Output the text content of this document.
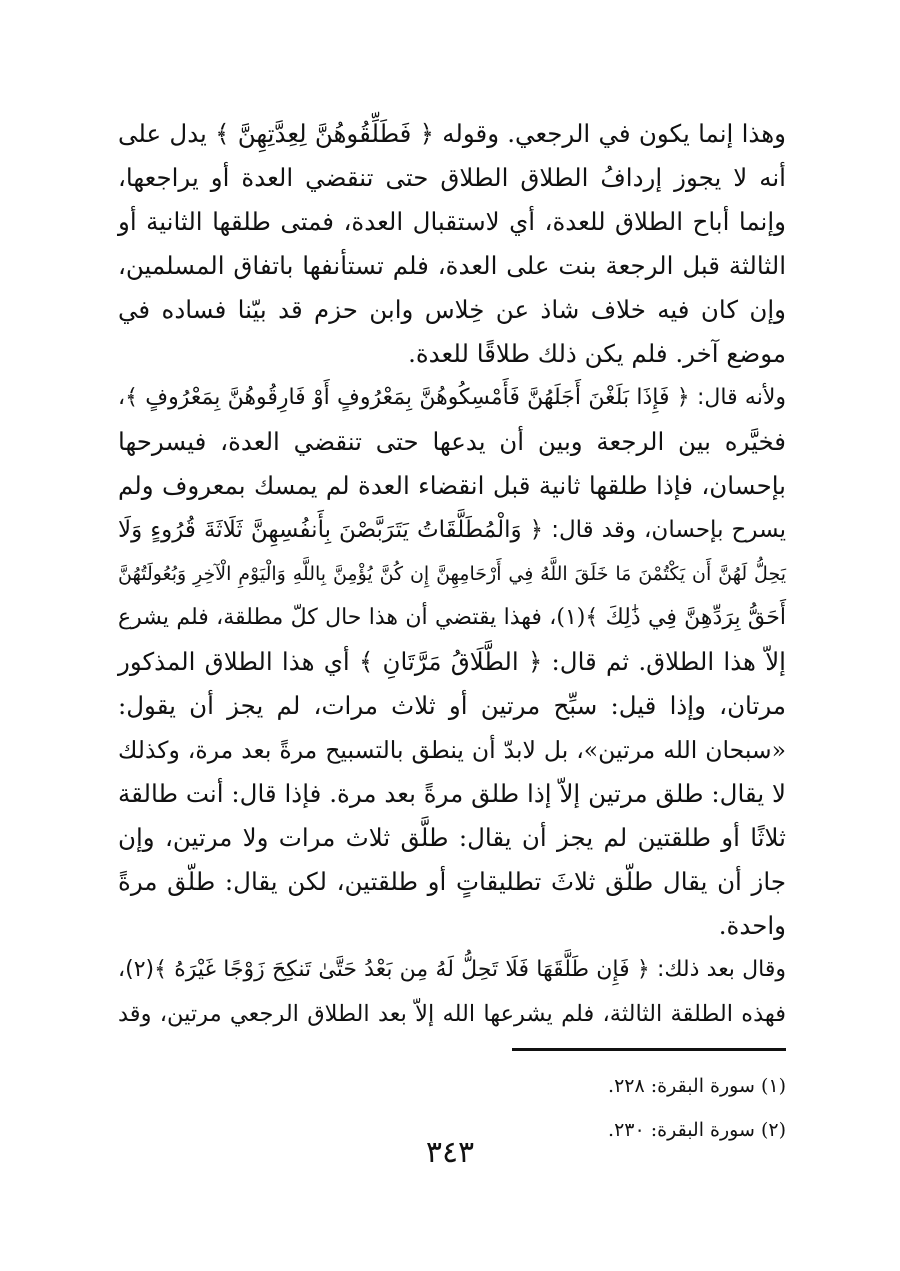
وهذا إنما يكون في الرجعي. وقوله ﴿ فَطَلِّقُوهُنَّ لِعِدَّتِهِنَّ ﴾ يدل على
أنه لا يجوز إردافُ الطلاق الطلاق حتى تنقضي العدة أو يراجعها،
وإنما أباح الطلاق للعدة، أي لاستقبال العدة، فمتى طلقها الثانية أو
الثالثة قبل الرجعة بنت على العدة، فلم تستأنفها باتفاق المسلمين،
وإن كان فيه خلاف شاذ عن خِلاس وابن حزم قد بيّنا فساده في
موضع آخر. فلم يكن ذلك طلاقًا للعدة.
ولأنه قال: ﴿ فَإِذَا بَلَغْنَ أَجَلَهُنَّ فَأَمْسِكُوهُنَّ بِمَعْرُوفٍ أَوْ فَارِقُوهُنَّ بِمَعْرُوفٍ ﴾،
فخيَّره بين الرجعة وبين أن يدعها حتى تنقضي العدة، فيسرحها
بإحسان، فإذا طلقها ثانية قبل انقضاء العدة لم يمسك بمعروف ولم
يسرح بإحسان، وقد قال: ﴿ وَالْمُطَلَّقَاتُ يَتَرَبَّصْنَ بِأَنفُسِهِنَّ ثَلَاثَةَ قُرُوءٍ وَلَا
يَحِلُّ لَهُنَّ أَن يَكْتُمْنَ مَا خَلَقَ اللَّهُ فِي أَرْحَامِهِنَّ إِن كُنَّ يُؤْمِنَّ بِاللَّهِ وَالْيَوْمِ الْآخِرِ وَبُعُولَتُهُنَّ
أَحَقُّ بِرَدِّهِنَّ فِي ذَٰلِكَ ﴾(١)، فهذا يقتضي أن هذا حال كلّ مطلقة، فلم يشرع
إلاّ هذا الطلاق. ثم قال: ﴿ الطَّلَاقُ مَرَّتَانِ ﴾ أي هذا الطلاق المذكور
مرتان، وإذا قيل: سبِّح مرتين أو ثلاث مرات، لم يجز أن يقول:
«سبحان الله مرتين»، بل لابدّ أن ينطق بالتسبيح مرةً بعد مرة، وكذلك
لا يقال: طلق مرتين إلاّ إذا طلق مرةً بعد مرة. فإذا قال: أنت طالقة
ثلاثًا أو طلقتين لم يجز أن يقال: طلَّق ثلاث مرات ولا مرتين، وإن
جاز أن يقال طلّق ثلاثَ تطليقاتٍ أو طلقتين، لكن يقال: طلّق مرةً
واحدة.
وقال بعد ذلك: ﴿ فَإِن طَلَّقَهَا فَلَا تَحِلُّ لَهُ مِن بَعْدُ حَتَّىٰ تَنكِحَ زَوْجًا غَيْرَهُ ﴾(٢)،
فهذه الطلقة الثالثة، فلم يشرعها الله إلاّ بعد الطلاق الرجعي مرتين، وقد
(١) سورة البقرة: ٢٢٨.
(٢) سورة البقرة: ٢٣٠.
٣٤٣
